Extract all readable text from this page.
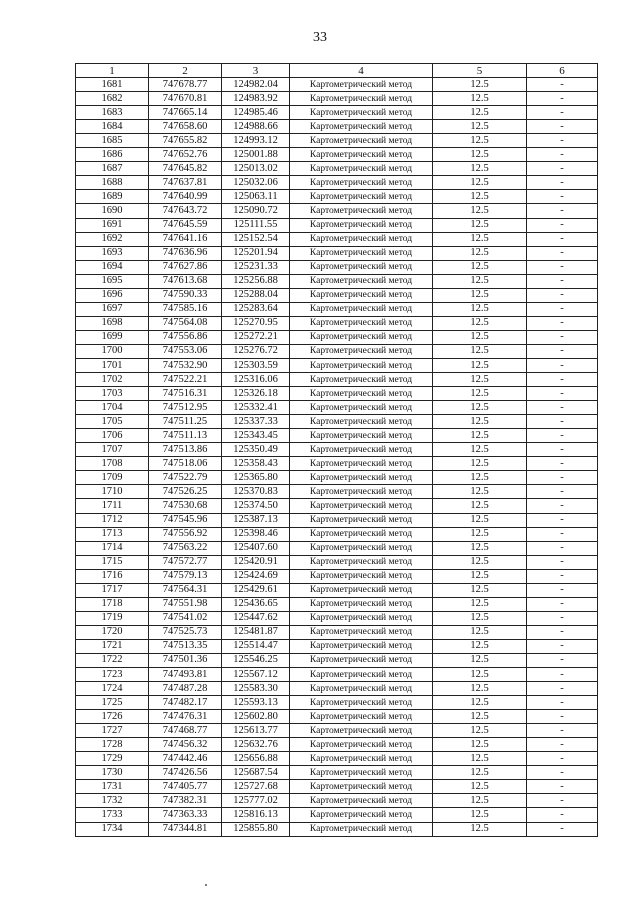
33
1	2	3	4	5	6
1681	747678.77	124982.04	Картометрический метод	12.5	-
1682	747670.81	124983.92	Картометрический метод	12.5	-
1683	747665.14	124985.46	Картометрический метод	12.5	-
1684	747658.60	124988.66	Картометрический метод	12.5	-
1685	747655.82	124993.12	Картометрический метод	12.5	-
1686	747652.76	125001.88	Картометрический метод	12.5	-
1687	747645.82	125013.02	Картометрический метод	12.5	-
1688	747637.81	125032.06	Картометрический метод	12.5	-
1689	747640.99	125063.11	Картометрический метод	12.5	-
1690	747643.72	125090.72	Картометрический метод	12.5	-
1691	747645.59	125111.55	Картометрический метод	12.5	-
1692	747641.16	125152.54	Картометрический метод	12.5	-
1693	747636.96	125201.94	Картометрический метод	12.5	-
1694	747627.86	125231.33	Картометрический метод	12.5	-
1695	747613.68	125256.88	Картометрический метод	12.5	-
1696	747590.33	125288.04	Картометрический метод	12.5	-
1697	747585.16	125283.64	Картометрический метод	12.5	-
1698	747564.08	125270.95	Картометрический метод	12.5	-
1699	747556.86	125272.21	Картометрический метод	12.5	-
1700	747553.06	125276.72	Картометрический метод	12.5	-
1701	747532.90	125303.59	Картометрический метод	12.5	-
1702	747522.21	125316.06	Картометрический метод	12.5	-
1703	747516.31	125326.18	Картометрический метод	12.5	-
1704	747512.95	125332.41	Картометрический метод	12.5	-
1705	747511.25	125337.33	Картометрический метод	12.5	-
1706	747511.13	125343.45	Картометрический метод	12.5	-
1707	747513.86	125350.49	Картометрический метод	12.5	-
1708	747518.06	125358.43	Картометрический метод	12.5	-
1709	747522.79	125365.80	Картометрический метод	12.5	-
1710	747526.25	125370.83	Картометрический метод	12.5	-
1711	747530.68	125374.50	Картометрический метод	12.5	-
1712	747545.96	125387.13	Картометрический метод	12.5	-
1713	747556.92	125398.46	Картометрический метод	12.5	-
1714	747563.22	125407.60	Картометрический метод	12.5	-
1715	747572.77	125420.91	Картометрический метод	12.5	-
1716	747579.13	125424.69	Картометрический метод	12.5	-
1717	747564.31	125429.61	Картометрический метод	12.5	-
1718	747551.98	125436.65	Картометрический метод	12.5	-
1719	747541.02	125447.62	Картометрический метод	12.5	-
1720	747525.73	125481.87	Картометрический метод	12.5	-
1721	747513.35	125514.47	Картометрический метод	12.5	-
1722	747501.36	125546.25	Картометрический метод	12.5	-
1723	747493.81	125567.12	Картометрический метод	12.5	-
1724	747487.28	125583.30	Картометрический метод	12.5	-
1725	747482.17	125593.13	Картометрический метод	12.5	-
1726	747476.31	125602.80	Картометрический метод	12.5	-
1727	747468.77	125613.77	Картометрический метод	12.5	-
1728	747456.32	125632.76	Картометрический метод	12.5	-
1729	747442.46	125656.88	Картометрический метод	12.5	-
1730	747426.56	125687.54	Картометрический метод	12.5	-
1731	747405.77	125727.68	Картометрический метод	12.5	-
1732	747382.31	125777.02	Картометрический метод	12.5	-
1733	747363.33	125816.13	Картометрический метод	12.5	-
1734	747344.81	125855.80	Картометрический метод	12.5	-
